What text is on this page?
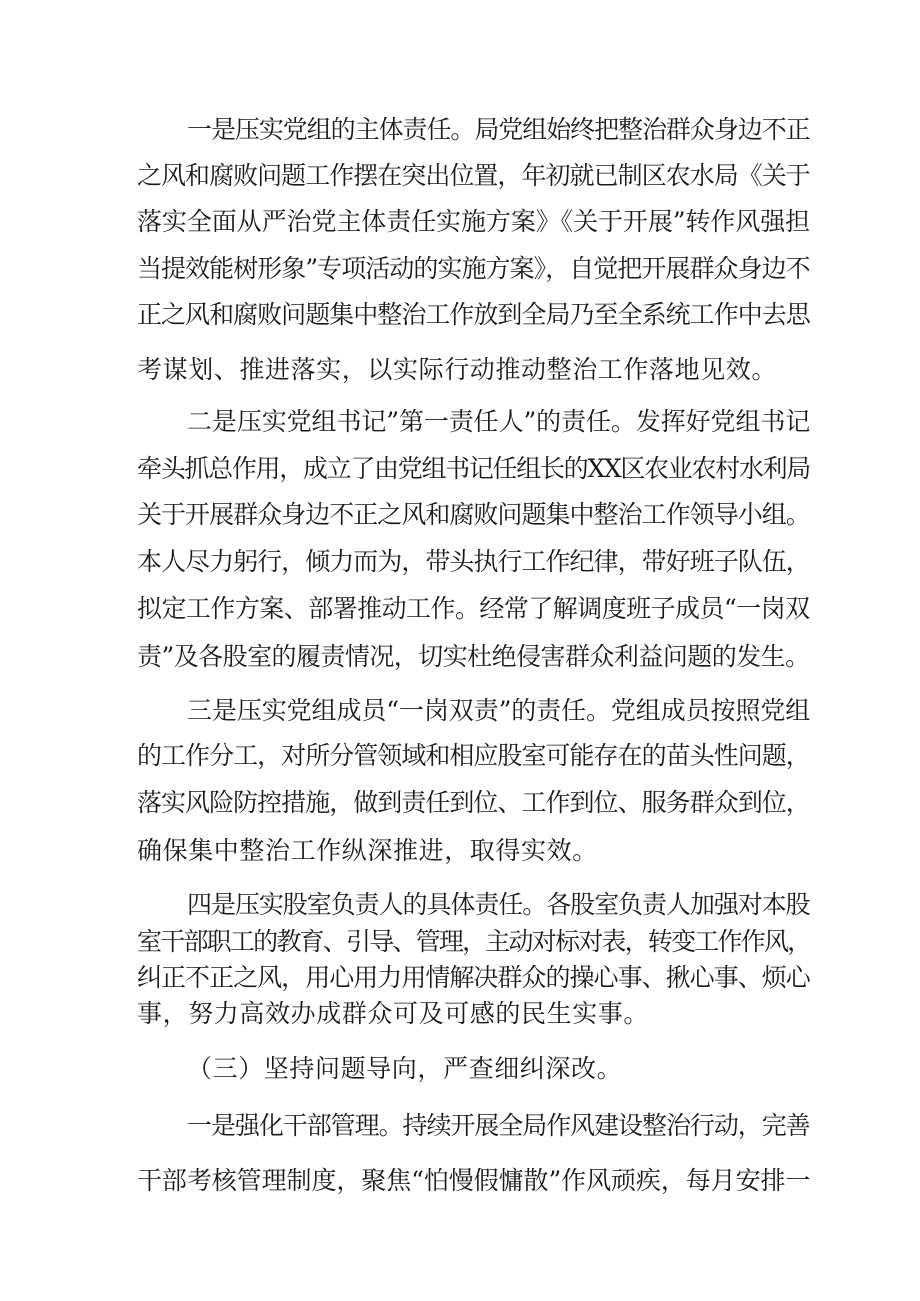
一是压实党组的主体责任。局党组始终把整治群众身边不正

之风和腐败问题工作摆在突出位置，年初就已制区农水局《关于

落实全面从严治党主体责任实施方案》《关于开展”转作风强担

当提效能树形象”专项活动的实施方案》，自觉把开展群众身边不

正之风和腐败问题集中整治工作放到全局乃至全系统工作中去思

考谋划、推进落实，以实际行动推动整治工作落地见效。

二是压实党组书记”第一责任人”的责任。发挥好党组书记

牵头抓总作用，成立了由党组书记任组长的XX区农业农村水利局

关于开展群众身边不正之风和腐败问题集中整治工作领导小组。

本人尽力躬行，倾力而为，带头执行工作纪律，带好班子队伍，

拟定工作方案、部署推动工作。经常了解调度班子成员“一岗双

责”及各股室的履责情况，切实杜绝侵害群众利益问题的发生。

三是压实党组成员“一岗双责”的责任。党组成员按照党组

的工作分工，对所分管领域和相应股室可能存在的苗头性问题，

落实风险防控措施，做到责任到位、工作到位、服务群众到位，

确保集中整治工作纵深推进，取得实效。

四是压实股室负责人的具体责任。各股室负责人加强对本股

室干部职工的教育、引导、管理，主动对标对表，转变工作作风，

纠正不正之风，用心用力用情解决群众的操心事、揪心事、烦心

事，努力高效办成群众可及可感的民生实事。

（三）坚持问题导向，严查细纠深改。

一是强化干部管理。持续开展全局作风建设整治行动，完善

干部考核管理制度，聚焦“怕慢假慵散”作风顽疾，每月安排一
